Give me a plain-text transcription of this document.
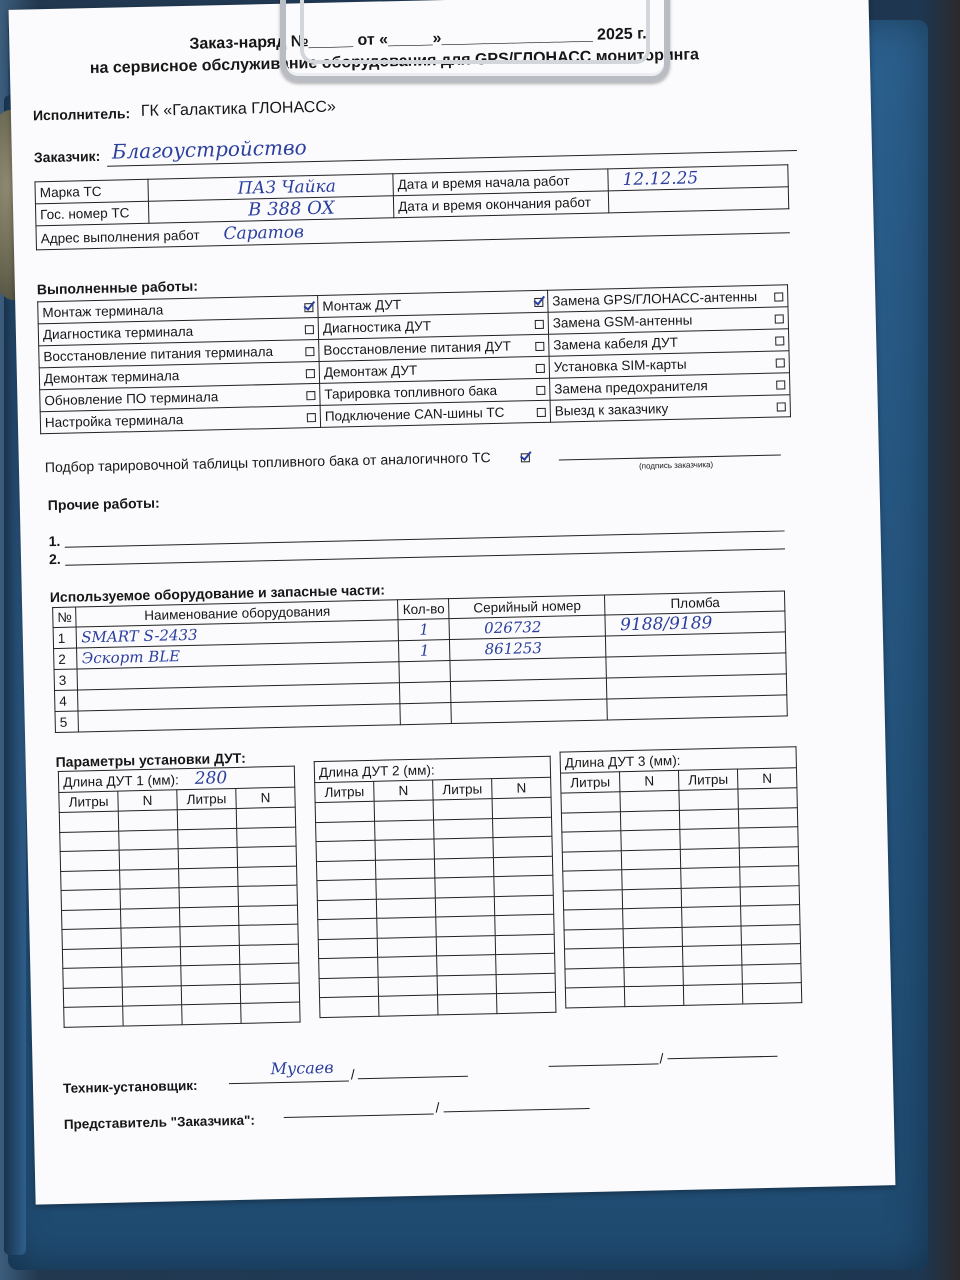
Заказ-наряд №_____ от «_____»_________________ 2025 г.
на сервисное обслуживание оборудования для GPS/ГЛОНАСС мониторинга
Исполнитель: ГК «Галактика ГЛОНАСС»
Заказчик: Благоустройство
Марка ТС	ПАЗ Чайка	Дата и время начала работ	12.12.25
Гос. номер ТС	В 388 ОХ	Дата и время окончания работ	
Адрес выполнения работ Саратов			
Выполненные работы:
Монтаж терминала	Монтаж ДУТ	Замена GPS/ГЛОНАСС-антенны

Диагностика терминала	Диагностика ДУТ	Замена GSM-антенны

Восстановление питания терминала	Восстановление питания ДУТ	Замена кабеля ДУТ

Демонтаж терминала	Демонтаж ДУТ	Установка SIM-карты

Обновление ПО терминала	Тарировка топливного бака	Замена предохранителя

Настройка терминала	Подключение CAN-шины ТС	Выезд к заказчику
Подбор тарировочной таблицы топливного бака от аналогичного ТС	(подпись заказчика)
Прочие работы:
1.
2.
Используемое оборудование и запасные части:
№	Наименование оборудования	Кол-во	Серийный номер	Пломба
1	SMART S-2433	1	026732	9188/9189
2	Эскорт BLE	1	861253	
3				
4				
5				
Параметры установки ДУТ:
Длина ДУТ 1 (мм): 280			
Литры	N	Литры	N

Длина ДУТ 2 (мм):			
Литры	N	Литры	N

Длина ДУТ 3 (мм):			
Литры	N	Литры	N

Техник-установщик:
Мусаев /
/
Представитель "Заказчика":
/
